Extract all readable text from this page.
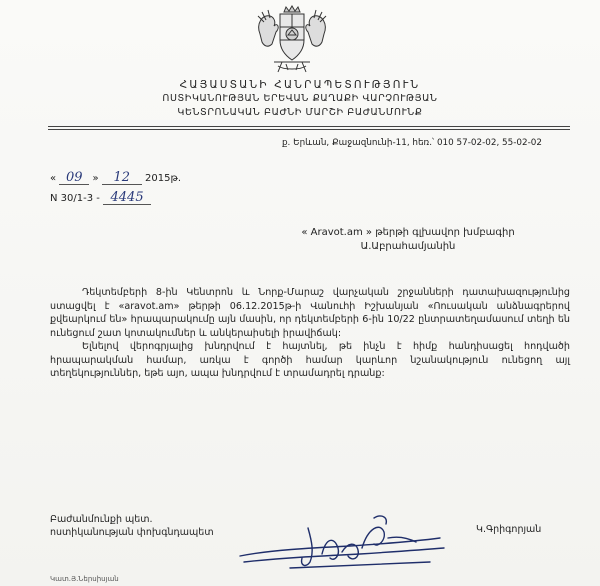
ՀԱՅԱՍՏԱՆԻ ՀԱՆՐԱՊԵՏՈՒԹՅՈՒՆ
ՈՍՏԻԿԱՆՈՒԹՅԱՆ ԵՐԵՎԱՆ ՔԱՂԱՔԻ ՎԱՐՉՈՒԹՅԱՆ
ԿԵՆՏՐՈՆԱԿԱՆ ԲԱԺՆԻ ՄԱՐՇԻ ԲԱԺԱՆՄՈՒՆՔ
ք. Երևան, Քաջազնունի-11, հեռ.՝ 010 57-02-02, 55-02-02
« 09 » 12 2015թ.
N 30/1-3 - 4445
« Aravot.am » թերթի գլխավոր խմբագիր
Ա.Աբրահամյանին

Դեկտեմբերի 8-ին Կենտրոն և Նորք-Մարաշ վարչական շրջանների դատախազությունից ստացվել է «aravot.am» թերթի 06.12.2015թ-ի Վանուհի Իշխանյան «Ոուսական անձնագրերով քվեարկում են» հրապարակումը այն մասին, որ դեկտեմբերի 6-ին 10/22 ընտրատեղամասում տեղի են ունեցում շատ կոտակումներ և անկերաիսելի իրավիճակ:

Ելնելով վերոգրյալից խնդրվում է հայտնել, թե ինչն է հիմք հանդիսացել հոդվածի հրապարակման համար, առկա է գործի համար կարևոր նշանակություն ունեցող այլ տեղեկություններ, եթե այո, ապա խնդրվում է տրամադրել դրանք:

Բաժանմունքի պետ.
ոստիկանության փոխգնդապետ	Կ.Գրիգորյան
Կատ.Յ.Ներսիսյան
